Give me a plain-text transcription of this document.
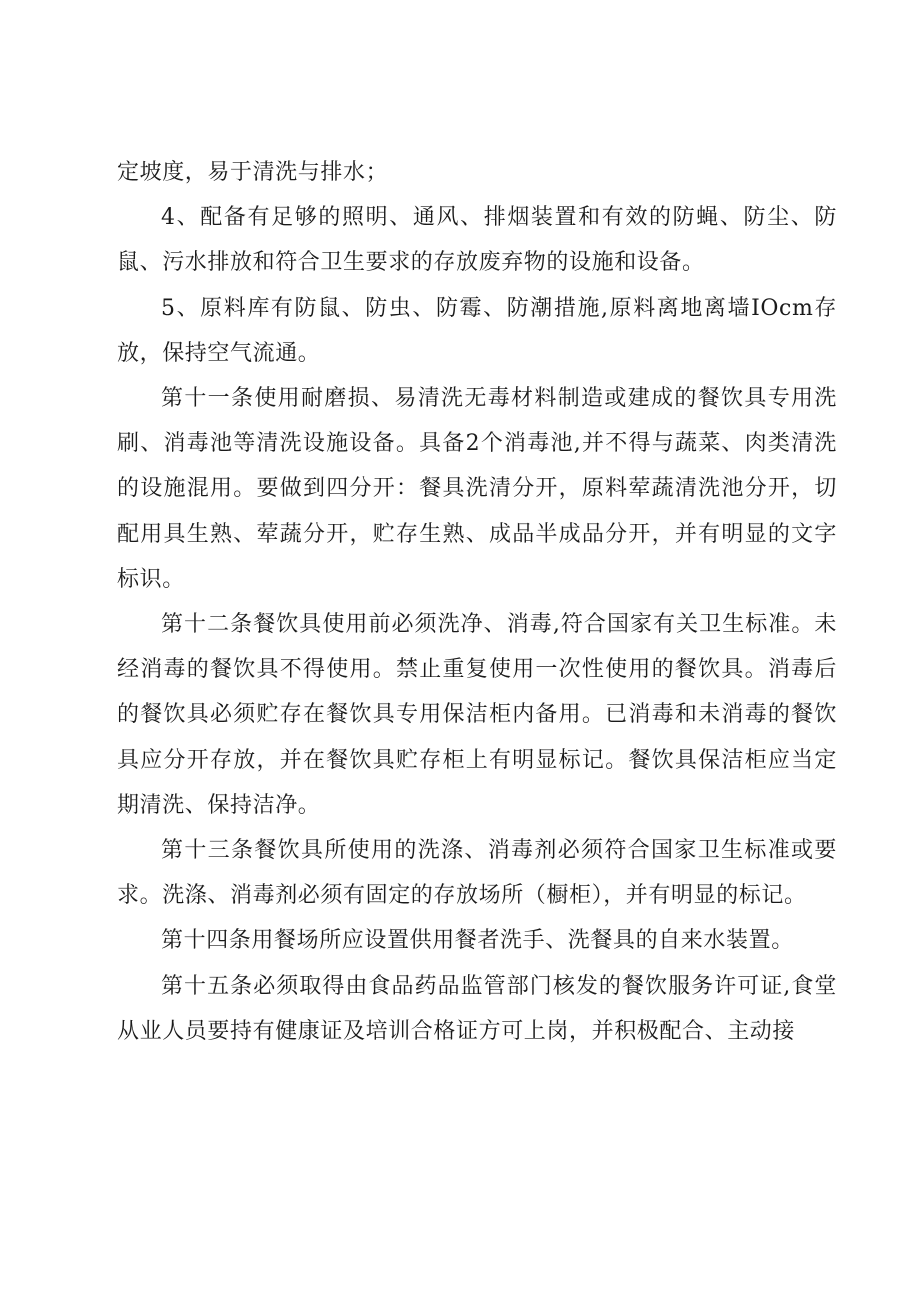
定坡度，易于清洗与排水；

4、配备有足够的照明、通风、排烟装置和有效的防蝇、防尘、防鼠、污水排放和符合卫生要求的存放废弃物的设施和设备。

5、原料库有防鼠、防虫、防霉、防潮措施,原料离地离墙IOcm存放，保持空气流通。

第十一条使用耐磨损、易清洗无毒材料制造或建成的餐饮具专用洗刷、消毒池等清洗设施设备。具备2个消毒池,并不得与蔬菜、肉类清洗的设施混用。要做到四分开：餐具洗清分开，原料荤蔬清洗池分开，切配用具生熟、荤蔬分开，贮存生熟、成品半成品分开，并有明显的文字标识。

第十二条餐饮具使用前必须洗净、消毒,符合国家有关卫生标准。未经消毒的餐饮具不得使用。禁止重复使用一次性使用的餐饮具。消毒后的餐饮具必须贮存在餐饮具专用保洁柜内备用。已消毒和未消毒的餐饮具应分开存放，并在餐饮具贮存柜上有明显标记。餐饮具保洁柜应当定期清洗、保持洁净。

第十三条餐饮具所使用的洗涤、消毒剂必须符合国家卫生标准或要求。洗涤、消毒剂必须有固定的存放场所（橱柜），并有明显的标记。

第十四条用餐场所应设置供用餐者洗手、洗餐具的自来水装置。

第十五条必须取得由食品药品监管部门核发的餐饮服务许可证,食堂从业人员要持有健康证及培训合格证方可上岗，并积极配合、主动接
